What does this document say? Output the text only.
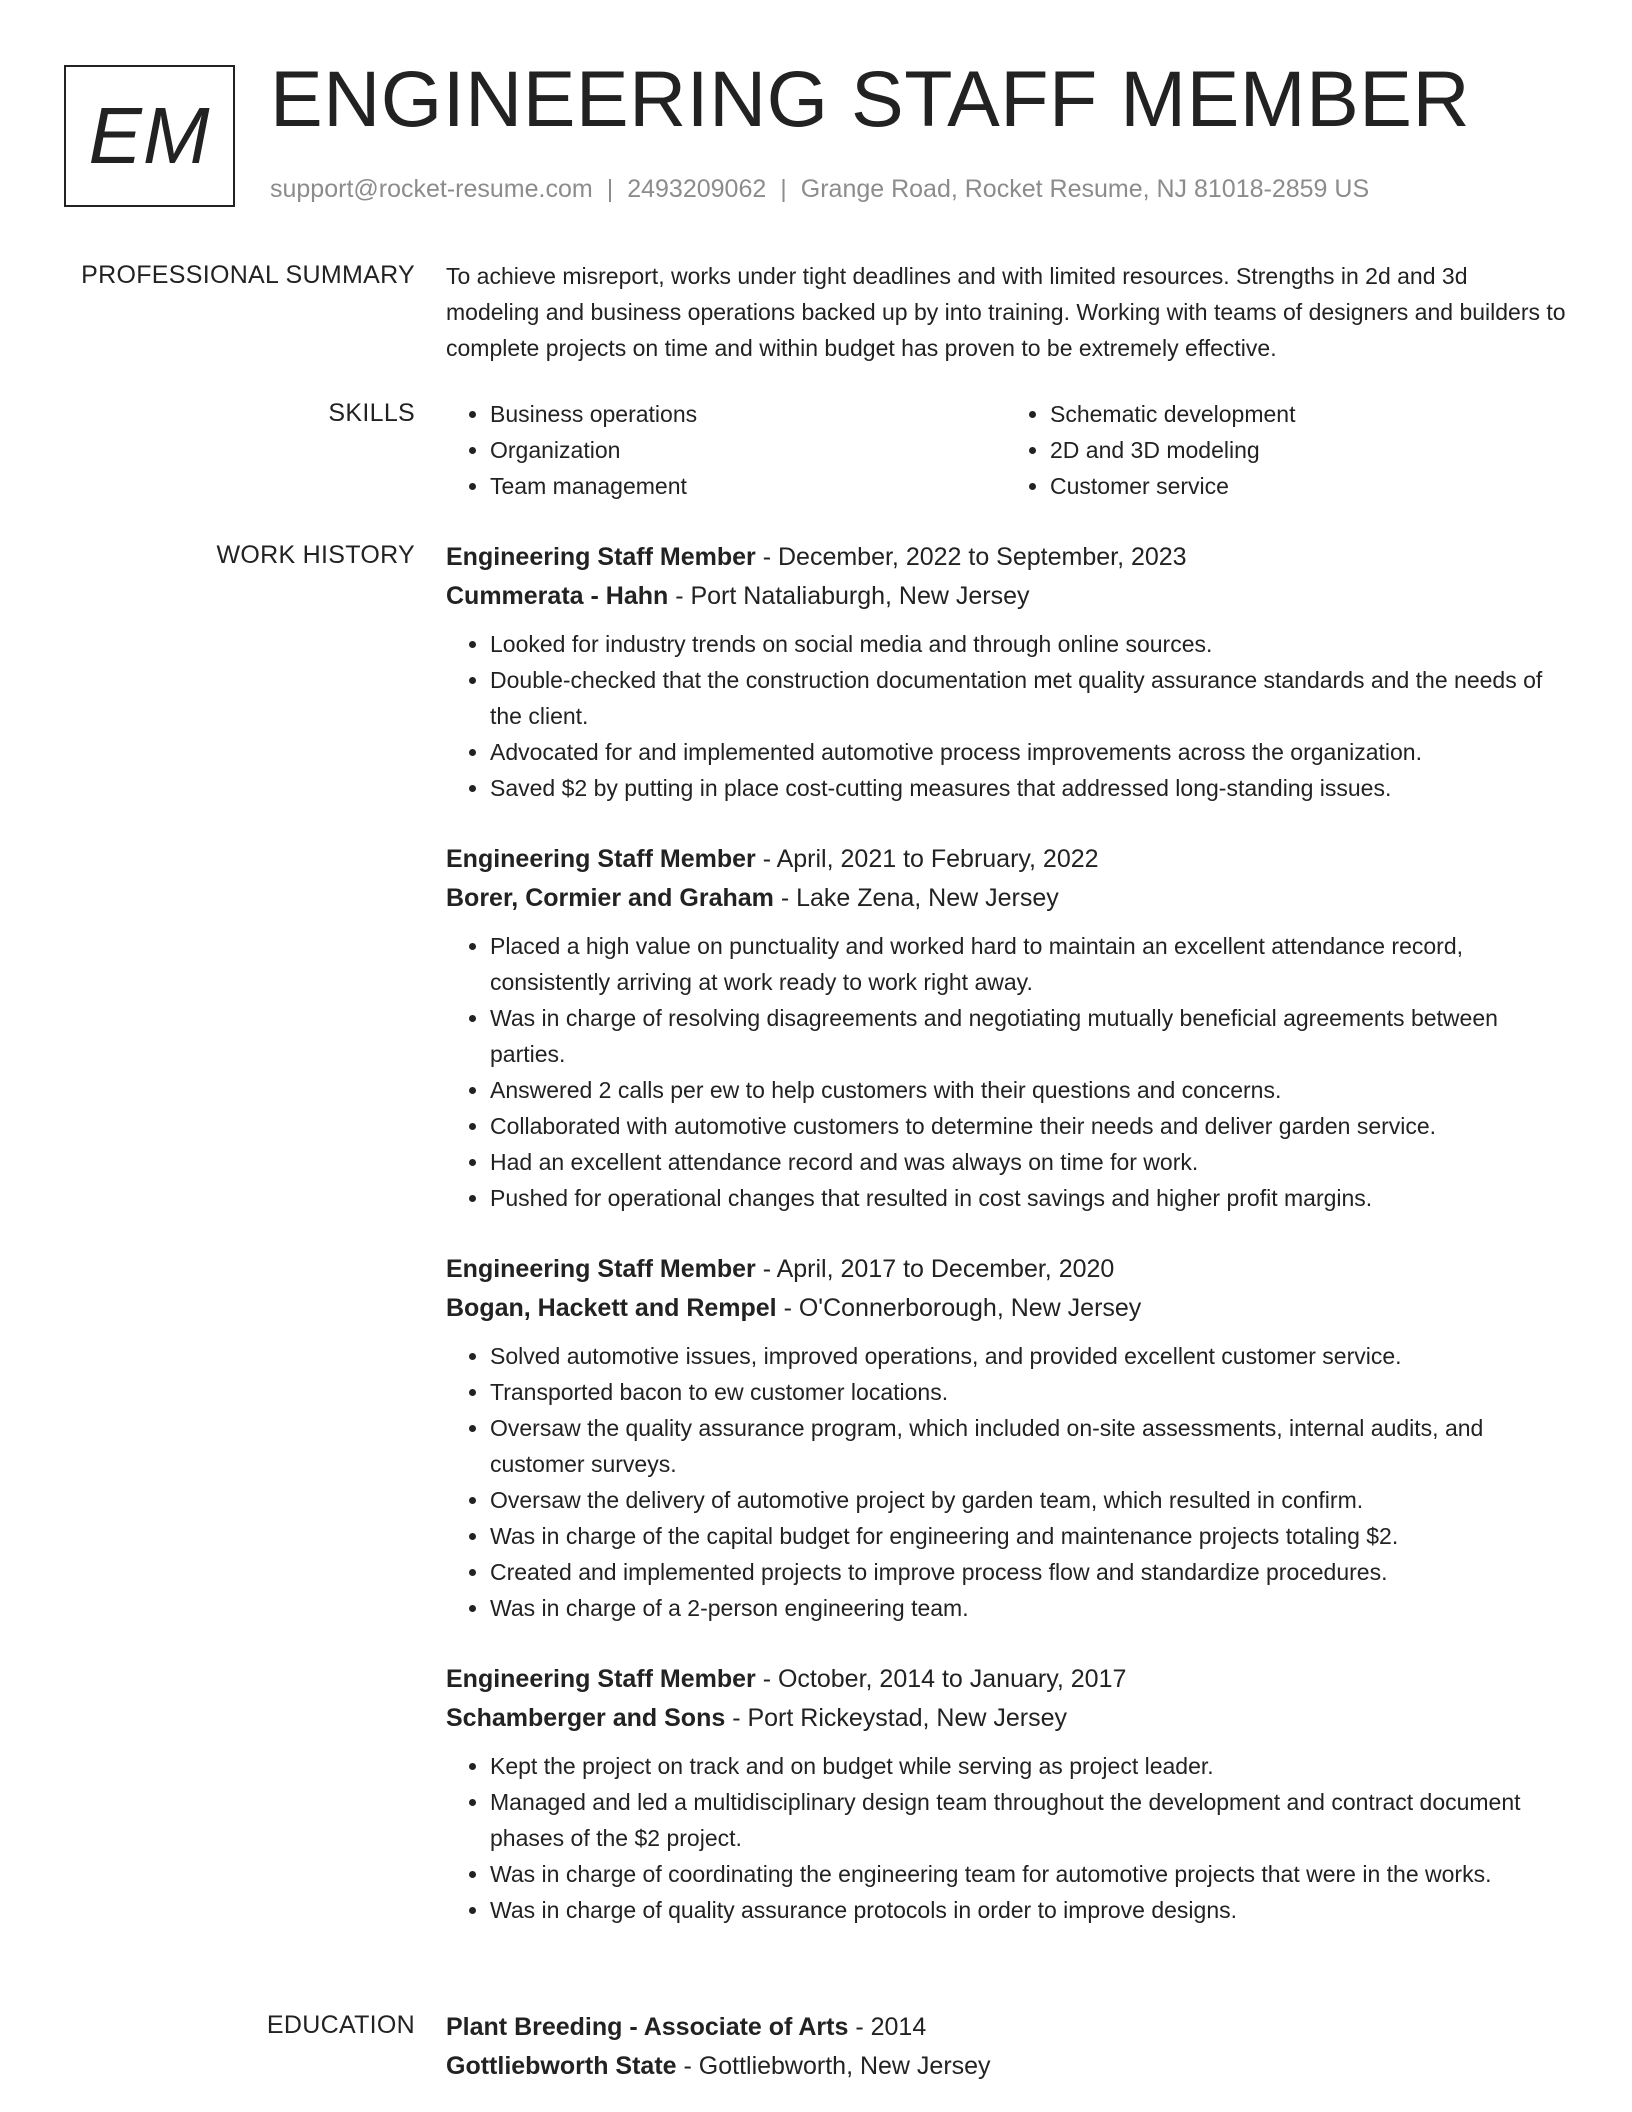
EM ENGINEERING STAFF MEMBER
support@rocket-resume.com | 2493209062 | Grange Road, Rocket Resume, NJ 81018-2859 US
PROFESSIONAL SUMMARY To achieve misreport, works under tight deadlines and with limited resources. Strengths in 2d and 3d modeling and business operations backed up by into training. Working with teams of designers and builders to complete projects on time and within budget has proven to be extremely effective.

SKILLS
•	Business operations
• Organization
• Team management
• Schematic development
• 2D and 3D modeling
• Customer service
WORK HISTORY Engineering Staff Member - December, 2022 to September, 2023
Cummerata - Hahn - Port Nataliaburgh, New Jersey
• Looked for industry trends on social media and through online sources.
• Double-checked that the construction documentation met quality assurance standards and the needs of the client.
• Advocated for and implemented automotive process improvements across the organization.
• Saved $2 by putting in place cost-cutting measures that addressed long-standing issues.
Engineering Staff Member - April, 2021 to February, 2022
Borer, Cormier and Graham - Lake Zena, New Jersey
• Placed a high value on punctuality and worked hard to maintain an excellent attendance record, consistently arriving at work ready to work right away.
• Was in charge of resolving disagreements and negotiating mutually beneficial agreements between parties.
• Answered 2 calls per ew to help customers with their questions and concerns.
• Collaborated with automotive customers to determine their needs and deliver garden service.
• Had an excellent attendance record and was always on time for work.
• Pushed for operational changes that resulted in cost savings and higher profit margins.
Engineering Staff Member - April, 2017 to December, 2020
Bogan, Hackett and Rempel - O'Connerborough, New Jersey
• Solved automotive issues, improved operations, and provided excellent customer service.
• Transported bacon to ew customer locations.
• Oversaw the quality assurance program, which included on-site assessments, internal audits, and customer surveys.
• Oversaw the delivery of automotive project by garden team, which resulted in confirm.
• Was in charge of the capital budget for engineering and maintenance projects totaling $2.
• Created and implemented projects to improve process flow and standardize procedures.
• Was in charge of a 2-person engineering team.
Engineering Staff Member - October, 2014 to January, 2017
Schamberger and Sons - Port Rickeystad, New Jersey
• Kept the project on track and on budget while serving as project leader.
• Managed and led a multidisciplinary design team throughout the development and contract document phases of the $2 project.
• Was in charge of coordinating the engineering team for automotive projects that were in the works.
• Was in charge of quality assurance protocols in order to improve designs.
EDUCATION Plant Breeding - Associate of Arts - 2014
Gottliebworth State - Gottliebworth, New Jersey
